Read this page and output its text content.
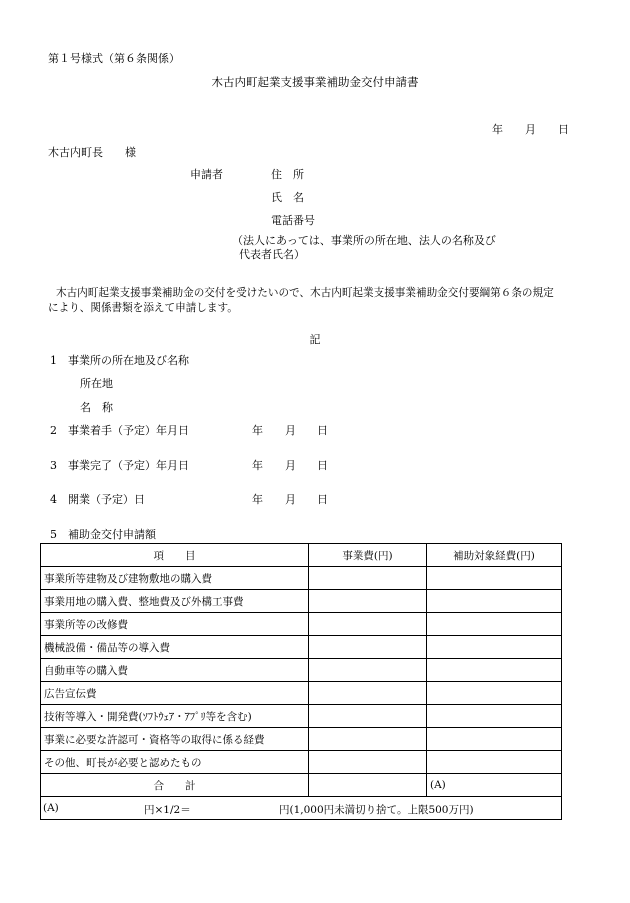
第１号様式（第６条関係）
木古内町起業支援事業補助金交付申請書
年 月 日
木古内町長　　様
申請者	住　所
氏　名
電話番号
（法人にあっては、事業所の所在地、法人の名称及び
代表者氏名）
木古内町起業支援事業補助金の交付を受けたいので、木古内町起業支援事業補助金交付要綱第６条の規定
により、関係書類を添えて申請します。
記
1 事業所の所在地及び名称
所在地
名　称
2 事業着手（予定）年月日	年 月 日
3 事業完了（予定）年月日	年 月 日
4 開業（予定）日	年 月 日
5 補助金交付申請額
項　　目	事業費(円)	補助対象経費(円)
事業所等建物及び建物敷地の購入費		
事業用地の購入費、整地費及び外構工事費		
事業所等の改修費		
機械設備・備品等の導入費		
自動車等の購入費		
広告宣伝費		
技術等導入・開発費(ｿﾌﾄｳｪｱ・ｱﾌﾟﾘ等を含む)		
事業に必要な許認可・資格等の取得に係る経費		
その他、町長が必要と認めたもの		
合　　計		(A)

(A) 円×1/2＝ 円(1,000円未満切り捨て。上限500万円)		
